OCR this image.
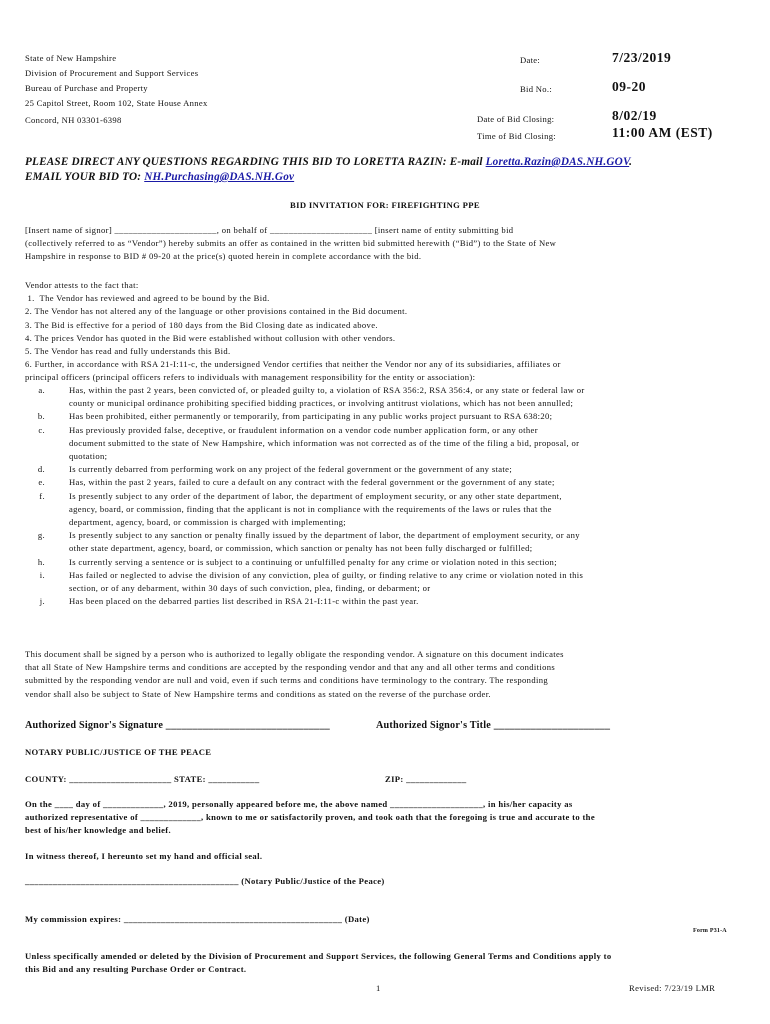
State of New Hampshire
Division of Procurement and Support Services
Bureau of Purchase and Property
25 Capitol Street, Room 102, State House Annex
Concord, NH 03301-6398
Date:	7/23/2019
Bid No.:	09-20
Date of Bid Closing:	8/02/19
Time of Bid Closing:	11:00 AM (EST)
PLEASE DIRECT ANY QUESTIONS REGARDING THIS BID TO LORETTA RAZIN: E-mail Loretta.Razin@DAS.NH.GOV.
EMAIL YOUR BID TO: NH.Purchasing@DAS.NH.Gov
BID INVITATION FOR: FIREFIGHTING PPE
[Insert name of signor] ______________________, on behalf of ______________________ [insert name of entity submitting bid
(collectively referred to as “Vendor”) hereby submits an offer as contained in the written bid submitted herewith (“Bid”) to the State of New
Hampshire in response to BID # 09-20 at the price(s) quoted herein in complete accordance with the bid.
Vendor attests to the fact that:
1.  The Vendor has reviewed and agreed to be bound by the Bid.
2. The Vendor has not altered any of the language or other provisions contained in the Bid document.
3. The Bid is effective for a period of 180 days from the Bid Closing date as indicated above.
4. The prices Vendor has quoted in the Bid were established without collusion with other vendors.
5. The Vendor has read and fully understands this Bid.
6. Further, in accordance with RSA 21-I:11-c, the undersigned Vendor certifies that neither the Vendor nor any of its subsidiaries, affiliates or
principal officers (principal officers refers to individuals with management responsibility for the entity or association):
a.	Has, within the past 2 years, been convicted of, or pleaded guilty to, a violation of RSA 356:2, RSA 356:4, or any state or federal law or
county or municipal ordinance prohibiting specified bidding practices, or involving antitrust violations, which has not been annulled;
b.	Has been prohibited, either permanently or temporarily, from participating in any public works project pursuant to RSA 638:20;
c.	Has previously provided false, deceptive, or fraudulent information on a vendor code number application form, or any other
document submitted to the state of New Hampshire, which information was not corrected as of the time of the filing a bid, proposal, or
quotation;
d.	Is currently debarred from performing work on any project of the federal government or the government of any state;
e.	Has, within the past 2 years, failed to cure a default on any contract with the federal government or the government of any state;
f.	Is presently subject to any order of the department of labor, the department of employment security, or any other state department,
agency, board, or commission, finding that the applicant is not in compliance with the requirements of the laws or rules that the
department, agency, board, or commission is charged with implementing;
g.	Is presently subject to any sanction or penalty finally issued by the department of labor, the department of employment security, or any
other state department, agency, board, or commission, which sanction or penalty has not been fully discharged or fulfilled;
h.	Is currently serving a sentence or is subject to a continuing or unfulfilled penalty for any crime or violation noted in this section;
i.	Has failed or neglected to advise the division of any conviction, plea of guilty, or finding relative to any crime or violation noted in this
section, or of any debarment, within 30 days of such conviction, plea, finding, or debarment; or
j.	Has been placed on the debarred parties list described in RSA 21-I:11-c within the past year.
This document shall be signed by a person who is authorized to legally obligate the responding vendor. A signature on this document indicates
that all State of New Hampshire terms and conditions are accepted by the responding vendor and that any and all other terms and conditions
submitted by the responding vendor are null and void, even if such terms and conditions have terminology to the contrary. The responding
vendor shall also be subject to State of New Hampshire terms and conditions as stated on the reverse of the purchase order.
Authorized Signor's Signature _______________________________	Authorized Signor's Title ______________________
NOTARY PUBLIC/JUSTICE OF THE PEACE
COUNTY: ______________________ STATE: ___________	ZIP: _____________
On the ____ day of _____________, 2019, personally appeared before me, the above named ____________________, in his/her capacity as
authorized representative of _____________, known to me or satisfactorily proven, and took oath that the foregoing is true and accurate to the
best of his/her knowledge and belief.
In witness thereof, I hereunto set my hand and official seal.
______________________________________________ (Notary Public/Justice of the Peace)
My commission expires: _______________________________________________ (Date)
Form P31-A
Unless specifically amended or deleted by the Division of Procurement and Support Services, the following General Terms and Conditions apply to
this Bid and any resulting Purchase Order or Contract.
1	Revised: 7/23/19 LMR
